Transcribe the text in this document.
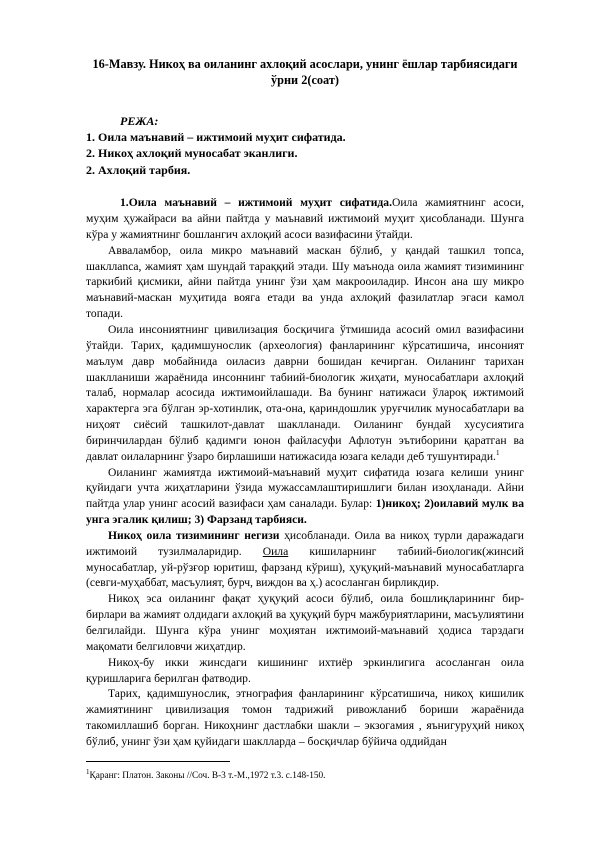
16-Мавзу. Никоҳ ва оиланинг ахлоқий асослари, унинг ёшлар тарбиясидаги ўрни 2(соат)
РЕЖА:
1. Оила маънавий – ижтимоий муҳит сифатида.
2. Никоҳ ахлоқий муносабат эканлиги.
2. Ахлоқий тарбия.

1.Оила маънавий – ижтимоий муҳит сифатида.Оила жамиятнинг асоси, муҳим ҳужайраси ва айни пайтда у маънавий ижтимоий муҳит ҳисобланади. Шунга кўра у жамиятнинг бошлангич ахлоқий асоси вазифасини ўтайди.

Авваламбор, оила микро маънавий маскан бўлиб, у қандай ташкил топса, шакллanca, жамият ҳам шундай тараққий этади. Шу маънода оила жамият тизимининг таркибий қисмики, айни пайтда унинг ўзи ҳам макрооиладир. Инсон ана шу микро маънавий-маскан муҳитида вояга етади ва унда ахлоқий фазилатлар эгаси камол топади.

Оила инсониятнинг цивилизация босқичига ўтмишида асосий омил вазифасини ўтайди. Тарих, қадимшунослик (археология) фанларининг кўрсатишича, инсоният маълум давр мобайнида оиласиз даврни бошидан кечирган. Оиланинг тарихан шаклланиши жараёнида инсоннинг табиий-биологик жиҳати, муносабатлари ахлоқий талаб, нормалар асосида ижтимоийлашади. Ва бунинг натижаси ўлароқ ижтимоий характерга эга бўлган эр-хотинлик, ота-она, қариндошлик уруғчилик муносабатлари ва ниҳоят сиёсий ташкилот-давлат шаклланади. Оиланинг бундай хусусиятига биринчилардан бўлиб қадимги юнон файласуфи Афлотун эътиборини қаратган ва давлат оилаларнинг ўзаро бирлашиши натижасида юзага келади деб тушунтиради.$^1$

Оиланинг жамиятда ижтимоий-маънавий муҳит сифатида юзага келиши унинг қуйидаги учта жиҳатларини ўзида мужассамлаштиришлиги билан изоҳланади. Айни пайтда улар унинг асосий вазифаси ҳам саналади. Булар: 1)никоҳ; 2)оилавий мулк ва унга эгалик қилиш; 3) Фарзанд тарбияси.

Никоҳ оила тизимининг негизи ҳисобланади. Оила ва никоҳ турли даражадаги ижтимоий тузилмаларидир. Оила кишиларнинг табиий-биологик(жинсий муносабатлар, уй-рўзғор юритиш, фарзанд кўриш), ҳуқуқий-маънавий муносабатларга (севги-муҳаббат, масъулият, бурч, виждон ва ҳ.) асосланган бирликдир.

Никоҳ эса оиланинг фақат ҳуқуқий асоси бўлиб, оила бошлиқларининг бир-бирлари ва жамият олдидаги ахлоқий ва ҳуқуқий бурч мажбуриятларини, масъулиятини белгилайди. Шунга кўра унинг моҳиятан ижтимоий-маънавий ҳодиса тарздаги мақомати белгиловчи жиҳатдир.

Никоҳ-бу икки жинсдаги кишининг ихтиёр эркинлигига асосланган оила қуришларига берилган фатводир.

Тарих, қадимшунослик, этнография фанларининг кўрсатишича, никоҳ кишилик жамиятининг цивилизация томон тадрижий ривожланиб бориши жараёнида такомиллашиб борган. Никоҳнинг дастлабки шакли – экзогамия , яънигуруҳий никоҳ бўлиб, унинг ўзи ҳам қуйидаги шаклларда – босқичлар бўйича оддийдан

$^1$Қаранг: Платон. Законы //Соч. В-3 т.-М.,1972 т.3. с.148-150.
